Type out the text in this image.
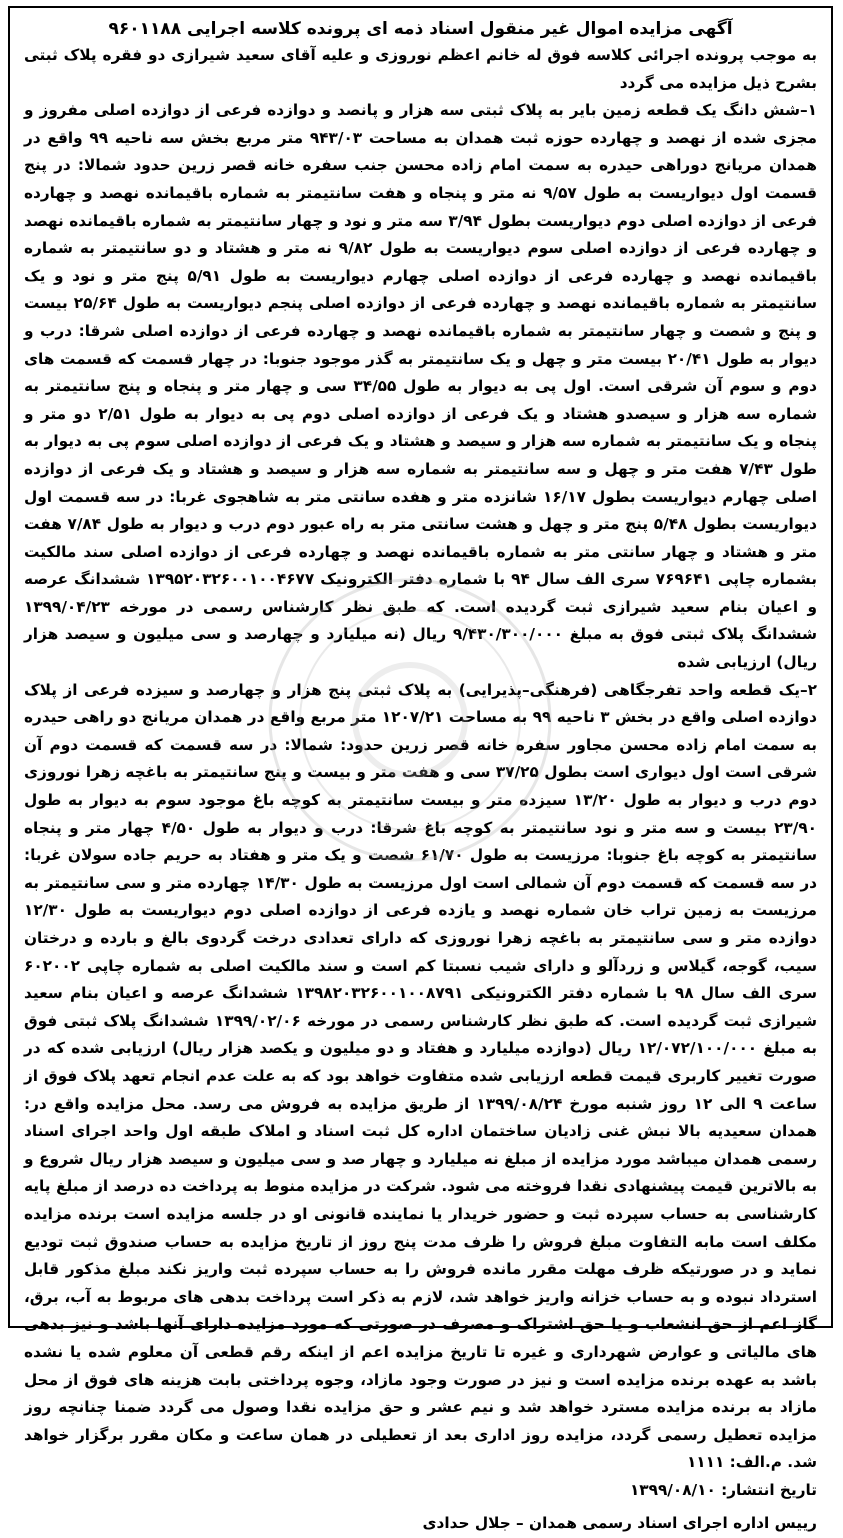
آگهی مزایده اموال غیر منقول اسناد ذمه ای پرونده کلاسه اجرایی ۹۶۰۱۱۸۸

به موجب پرونده اجرائی کلاسه فوق له خانم اعظم نوروزی و علیه آقای سعید شیرازی دو فقره پلاک ثبتی بشرح ذیل مزایده می گردد

۱–شش دانگ یک قطعه زمین بایر به پلاک ثبتی سه هزار و پانصد و دوازده فرعی از دوازده اصلی مفروز و مجزی شده از نهصد و چهارده حوزه ثبت همدان به مساحت ۹۴۳/۰۳ متر مربع بخش سه ناحیه ۹۹ واقع در همدان مریانج دوراهی حیدره به سمت امام زاده محسن جنب سفره خانه قصر زرین حدود شمالا: در پنج قسمت اول دیواریست به طول ۹/۵۷ نه متر و پنجاه و هفت سانتیمتر به شماره باقیمانده نهصد و چهارده فرعی از دوازده اصلی دوم دیواریست بطول ۳/۹۴ سه متر و نود و چهار سانتیمتر به شماره باقیمانده نهصد و چهارده فرعی از دوازده اصلی سوم دیواریست به طول ۹/۸۲ نه متر و هشتاد و دو سانتیمتر به شماره باقیمانده نهصد و چهارده فرعی از دوازده اصلی چهارم دیواریست به طول ۵/۹۱ پنج متر و نود و یک سانتیمتر به شماره باقیمانده نهصد و چهارده فرعی از دوازده اصلی پنجم دیواریست به طول ۲۵/۶۴ بیست و پنج و شصت و چهار سانتیمتر به شماره باقیمانده نهصد و چهارده فرعی از دوازده اصلی شرقا: درب و دیوار به طول ۲۰/۴۱ بیست متر و چهل و یک سانتیمتر به گذر موجود جنوبا: در چهار قسمت که قسمت های دوم و سوم آن شرقی است. اول پی به دیوار به طول ۳۴/۵۵ سی و چهار متر و پنجاه و پنج سانتیمتر به شماره سه هزار و سیصدو هشتاد و یک فرعی از دوازده اصلی دوم پی به دیوار به طول ۲/۵۱ دو متر و پنجاه و یک سانتیمتر به شماره سه هزار و سیصد و هشتاد و یک فرعی از دوازده اصلی سوم پی به دیوار به طول ۷/۴۳ هفت متر و چهل و سه سانتیمتر به شماره سه هزار و سیصد و هشتاد و یک فرعی از دوازده اصلی چهارم دیواریست بطول ۱۶/۱۷ شانزده متر و هفده سانتی متر به شاهجوی غربا: در سه قسمت اول دیواریست بطول ۵/۴۸ پنج متر و چهل و هشت سانتی متر به راه عبور دوم درب و دیوار به طول ۷/۸۴ هفت متر و هشتاد و چهار سانتی متر به شماره باقیمانده نهصد و چهارده فرعی از دوازده اصلی سند مالکیت بشماره چاپی ۷۶۹۶۴۱ سری الف سال ۹۴ با شماره دفتر الکترونیک ۱۳۹۵۲۰۳۲۶۰۰۱۰۰۴۶۷۷ ششدانگ عرصه و اعیان بنام سعید شیرازی ثبت گردیده است. که طبق نظر کارشناس رسمی در مورخه ۱۳۹۹/۰۴/۲۳ ششدانگ پلاک ثبتی فوق به مبلغ ۹/۴۳۰/۳۰۰/۰۰۰ ریال (نه میلیارد و چهارصد و سی میلیون و سیصد هزار ریال) ارزیابی شده

۲–یک قطعه واحد تفرجگاهی (فرهنگی–پذیرایی) به پلاک ثبتی پنج هزار و چهارصد و سیزده فرعی از پلاک دوازده اصلی واقع در بخش ۳ ناحیه ۹۹ به مساحت ۱۲۰۷/۲۱ متر مربع واقع در همدان مریانج دو راهی حیدره به سمت امام زاده محسن مجاور سفره خانه قصر زرین حدود: شمالا: در سه قسمت که قسمت دوم آن شرقی است اول دیواری است بطول ۳۷/۲۵ سی و هفت متر و بیست و پنج سانتیمتر به باغچه زهرا نوروزی دوم درب و دیوار به طول ۱۳/۲۰ سیزده متر و بیست سانتیمتر به کوچه باغ موجود سوم به دیوار به طول ۲۳/۹۰ بیست و سه متر و نود سانتیمتر به کوچه باغ شرقا: درب و دیوار به طول ۴/۵۰ چهار متر و پنجاه سانتیمتر به کوچه باغ جنوبا: مرزیست به طول ۶۱/۷۰ شصت و یک متر و هفتاد به حریم جاده سولان غربا: در سه قسمت که قسمت دوم آن شمالی است اول مرزیست به طول ۱۴/۳۰ چهارده متر و سی سانتیمتر به مرزیست به زمین تراب خان شماره نهصد و یازده فرعی از دوازده اصلی دوم دیواریست به طول ۱۲/۳۰ دوازده متر و سی سانتیمتر به باغچه زهرا نوروزی که دارای تعدادی درخت گردوی بالغ و بارده و درختان سیب، گوجه، گیلاس و زردآلو و دارای شیب نسبتا کم است و سند مالکیت اصلی به شماره چاپی ۶۰۲۰۰۲ سری الف سال ۹۸ با شماره دفتر الکترونیکی ۱۳۹۸۲۰۳۲۶۰۰۱۰۰۸۷۹۱ ششدانگ عرصه و اعیان بنام سعید شیرازی ثبت گردیده است. که طبق نظر کارشناس رسمی در مورخه ۱۳۹۹/۰۲/۰۶ ششدانگ پلاک ثبتی فوق به مبلغ ۱۲/۰۷۲/۱۰۰/۰۰۰ ریال (دوازده میلیارد و هفتاد و دو میلیون و یکصد هزار ریال) ارزیابی شده که در صورت تغییر کاربری قیمت قطعه ارزیابی شده متفاوت خواهد بود که به علت عدم انجام تعهد پلاک فوق از ساعت ۹ الی ۱۲ روز شنبه مورخ ۱۳۹۹/۰۸/۲۴ از طریق مزایده به فروش می رسد. محل مزایده واقع در: همدان سعیدیه بالا نبش غنی زادیان ساختمان اداره کل ثبت اسناد و املاک طبقه اول واحد اجرای اسناد رسمی همدان میباشد مورد مزایده از مبلغ نه میلیارد و چهار صد و سی میلیون و سیصد هزار ریال شروع و به بالاترین قیمت پیشنهادی نقدا فروخته می شود. شرکت در مزایده منوط به پرداخت ده درصد از مبلغ پایه کارشناسی به حساب سپرده ثبت و حضور خریدار یا نماینده قانونی او در جلسه مزایده است برنده مزایده مکلف است مابه التفاوت مبلغ فروش را ظرف مدت پنج روز از تاریخ مزایده به حساب صندوق ثبت تودیع نماید و در صورتیکه ظرف مهلت مقرر مانده فروش را به حساب سپرده ثبت واریز نکند مبلغ مذکور قابل استرداد نبوده و به حساب خزانه واریز خواهد شد، لازم به ذکر است پرداخت بدهی های مربوط به آب، برق، گاز اعم از حق انشعاب و یا حق اشتراک و مصرف در صورتی که مورد مزایده دارای آنها باشد و نیز بدهی های مالیاتی و عوارض شهرداری و غیره تا تاریخ مزایده اعم از اینکه رقم قطعی آن معلوم شده یا نشده باشد به عهده برنده مزایده است و نیز در صورت وجود مازاد، وجوه پرداختی بابت هزینه های فوق از محل مازاد به برنده مزایده مسترد خواهد شد و نیم عشر و حق مزایده نقدا وصول می گردد ضمنا چنانچه روز مزایده تعطیل رسمی گردد، مزایده روز اداری بعد از تعطیلی در همان ساعت و مکان مقرر برگزار خواهد شد. م.الف: ۱۱۱۱

تاریخ انتشار: ۱۳۹۹/۰۸/۱۰

رییس اداره اجرای اسناد رسمی همدان – جلال حدادی
